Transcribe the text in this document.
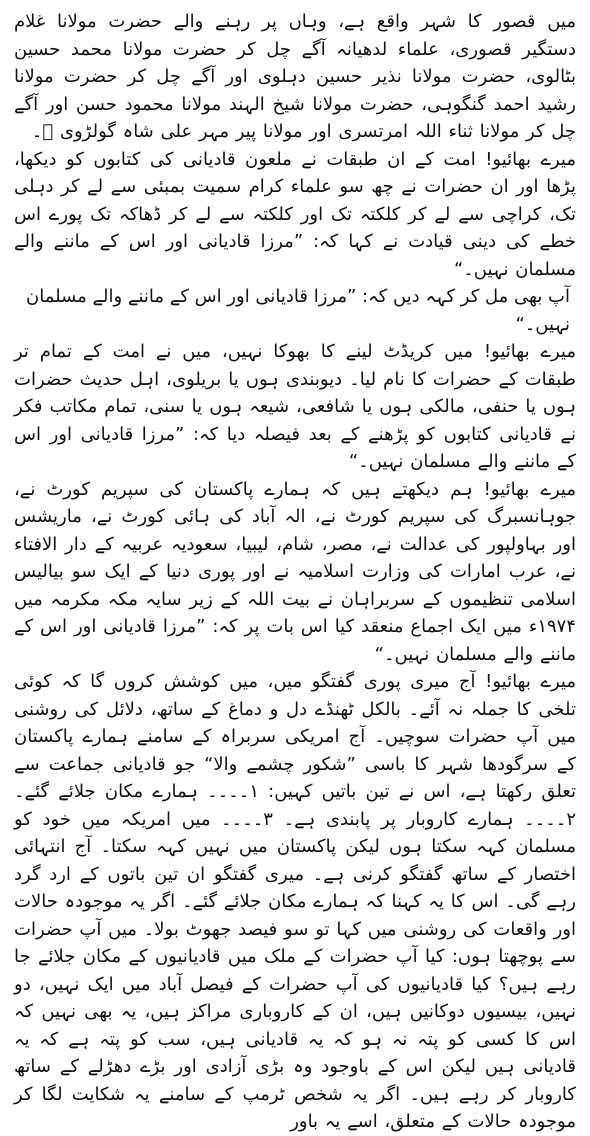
میں قصور کا شہر واقع ہے، وہاں پر رہنے والے حضرت مولانا غلام دستگیر قصوری، علماء لدھیانہ آگے چل کر حضرت مولانا محمد حسین بٹالوی، حضرت مولانا نذیر حسین دہلوی اور آگے چل کر حضرت مولانا رشید احمد گنگوہی، حضرت مولانا شیخ الہند مولانا محمود حسن اور آگے چل کر مولانا ثناء اللہ امرتسری اور مولانا پیر مہر علی شاہ گولڑوی ﷫۔

میرے بھائیو! امت کے ان طبقات نے ملعون قادیانی کی کتابوں کو دیکھا، پڑھا اور ان حضرات نے چھ سو علماء کرام سمیت بمبئی سے لے کر دہلی تک، کراچی سے لے کر کلکتہ تک اور کلکتہ سے لے کر ڈھاکہ تک پورے اس خطے کی دینی قیادت نے کہا کہ: ”مرزا قادیانی اور اس کے ماننے والے مسلمان نہیں۔“

آپ بھی مل کر کہہ دیں کہ: ”مرزا قادیانی اور اس کے ماننے والے مسلمان نہیں۔“

میرے بھائیو! میں کریڈٹ لینے کا بھوکا نہیں، میں نے امت کے تمام تر طبقات کے حضرات کا نام لیا۔ دیوبندی ہوں یا بریلوی، اہل حدیث حضرات ہوں یا حنفی، مالکی ہوں یا شافعی، شیعہ ہوں یا سنی، تمام مکاتب فکر نے قادیانی کتابوں کو پڑھنے کے بعد فیصلہ دیا کہ: ”مرزا قادیانی اور اس کے ماننے والے مسلمان نہیں۔“

میرے بھائیو! ہم دیکھتے ہیں کہ ہمارے پاکستان کی سپریم کورٹ نے، جوہانسبرگ کی سپریم کورٹ نے، الہ آباد کی ہائی کورٹ نے، ماریشس اور بہاولپور کی عدالت نے، مصر، شام، لیبیا، سعودیہ عربیہ کے دار الافتاء نے، عرب امارات کی وزارت اسلامیہ نے اور پوری دنیا کے ایک سو بیالیس اسلامی تنظیموں کے سربراہان نے بیت اللہ کے زیر سایہ مکہ مکرمہ میں ۱۹۷۴ء میں ایک اجماع منعقد کیا اس بات پر کہ: ”مرزا قادیانی اور اس کے ماننے والے مسلمان نہیں۔“

میرے بھائیو! آج میری پوری گفتگو میں، میں کوشش کروں گا کہ کوئی تلخی کا جملہ نہ آئے۔ بالکل ٹھنڈے دل و دماغ کے ساتھ، دلائل کی روشنی میں آپ حضرات سوچیں۔ آج امریکی سربراہ کے سامنے ہمارے پاکستان کے سرگودھا شہر کا باسی ”شکور چشمے والا“ جو قادیانی جماعت سے تعلق رکھتا ہے، اس نے تین باتیں کہیں: ۱۔۔۔۔ ہمارے مکان جلائے گئے۔ ۲۔۔۔۔ ہمارے کاروبار پر پابندی ہے۔ ۳۔۔۔۔ میں امریکہ میں خود کو مسلمان کہہ سکتا ہوں لیکن پاکستان میں نہیں کہہ سکتا۔ آج انتہائی اختصار کے ساتھ گفتگو کرنی ہے۔ میری گفتگو ان تین باتوں کے ارد گرد رہے گی۔ اس کا یہ کہنا کہ ہمارے مکان جلائے گئے۔ اگر یہ موجودہ حالات اور واقعات کی روشنی میں کہا تو سو فیصد جھوٹ بولا۔ میں آپ حضرات سے پوچھتا ہوں: کیا آپ حضرات کے ملک میں قادیانیوں کے مکان جلائے جا رہے ہیں؟ کیا قادیانیوں کی آپ حضرات کے فیصل آباد میں ایک نہیں، دو نہیں، بیسیوں دوکانیں ہیں، ان کے کاروباری مراکز ہیں، یہ بھی نہیں کہ اس کا کسی کو پتہ نہ ہو کہ یہ قادیانی ہیں، سب کو پتہ ہے کہ یہ قادیانی ہیں لیکن اس کے باوجود وہ بڑی آزادی اور بڑے دھڑلے کے ساتھ کاروبار کر رہے ہیں۔ اگر یہ شخص ٹرمپ کے سامنے یہ شکایت لگا کر موجودہ حالات کے متعلق، اسے یہ باور
